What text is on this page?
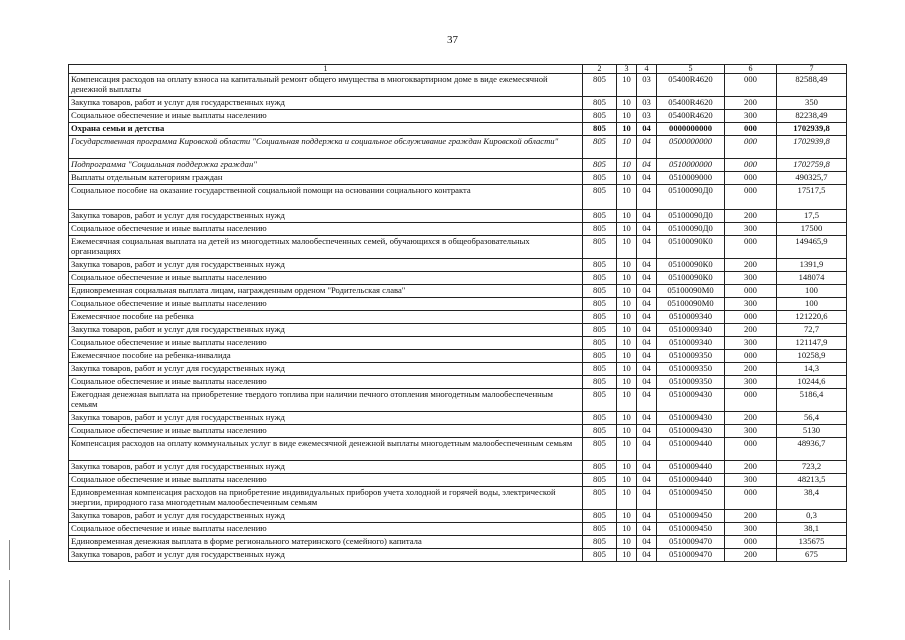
37
1	2	3	4	5	6	7
Компенсация расходов на оплату взноса на капитальный ремонт общего имущества в многоквартирном доме в виде ежемесячной денежной выплаты	805	10	03	05400R4620	000	82588,49
Закупка товаров, работ и услуг для государственных нужд	805	10	03	05400R4620	200	350
Социальное обеспечение и иные выплаты населению	805	10	03	05400R4620	300	82238,49
Охрана семьи и детства	805	10	04	0000000000	000	1702939,8
Государственная программа Кировской области "Социальная поддержка и социальное обслуживание граждан Кировской области"	805	10	04	0500000000	000	1702939,8
Подпрограмма "Социальная поддержка граждан"	805	10	04	0510000000	000	1702759,8
Выплаты отдельным категориям граждан	805	10	04	0510009000	000	490325,7
Социальное пособие на оказание государственной социальной помощи на основании социального контракта	805	10	04	05100090Д0	000	17517,5
Закупка товаров, работ и услуг для государственных нужд	805	10	04	05100090Д0	200	17,5
Социальное обеспечение и иные выплаты населению	805	10	04	05100090Д0	300	17500
Ежемесячная социальная выплата на детей из многодетных малообеспеченных семей, обучающихся в общеобразовательных организациях	805	10	04	05100090К0	000	149465,9
Закупка товаров, работ и услуг для государственных нужд	805	10	04	05100090К0	200	1391,9
Социальное обеспечение и иные выплаты населению	805	10	04	05100090К0	300	148074
Единовременная социальная выплата лицам, награжденным орденом "Родительская слава"	805	10	04	05100090М0	000	100
Социальное обеспечение и иные выплаты населению	805	10	04	05100090М0	300	100
Ежемесячное пособие на ребенка	805	10	04	0510009340	000	121220,6
Закупка товаров, работ и услуг для государственных нужд	805	10	04	0510009340	200	72,7
Социальное обеспечение и иные выплаты населению	805	10	04	0510009340	300	121147,9
Ежемесячное пособие на ребенка-инвалида	805	10	04	0510009350	000	10258,9
Закупка товаров, работ и услуг для государственных нужд	805	10	04	0510009350	200	14,3
Социальное обеспечение и иные выплаты населению	805	10	04	0510009350	300	10244,6
Ежегодная денежная выплата на приобретение твердого топлива при наличии печного отопления многодетным малообеспеченным семьям	805	10	04	0510009430	000	5186,4
Закупка товаров, работ и услуг для государственных нужд	805	10	04	0510009430	200	56,4
Социальное обеспечение и иные выплаты населению	805	10	04	0510009430	300	5130
Компенсация расходов на оплату коммунальных услуг в виде ежемесячной денежной выплаты многодетным малообеспеченным семьям	805	10	04	0510009440	000	48936,7
Закупка товаров, работ и услуг для государственных нужд	805	10	04	0510009440	200	723,2
Социальное обеспечение и иные выплаты населению	805	10	04	0510009440	300	48213,5
Единовременная компенсация расходов на приобретение индивидуальных приборов учета холодной и горячей воды, электрической энергии, природного газа многодетным малообеспеченным семьям	805	10	04	0510009450	000	38,4
Закупка товаров, работ и услуг для государственных нужд	805	10	04	0510009450	200	0,3
Социальное обеспечение и иные выплаты населению	805	10	04	0510009450	300	38,1
Единовременная денежная выплата в форме регионального материнского (семейного) капитала	805	10	04	0510009470	000	135675
Закупка товаров, работ и услуг для государственных нужд	805	10	04	0510009470	200	675
